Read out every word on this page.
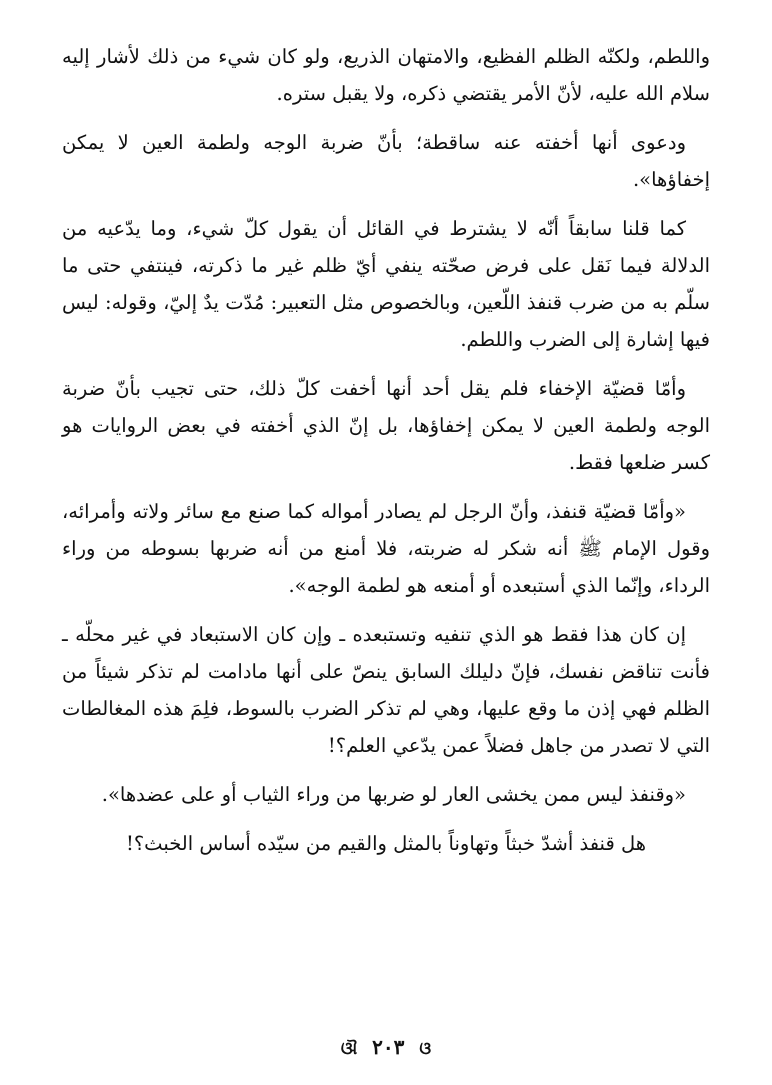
واللطم، ولكنّه الظلم الفظيع، والامتهان الذريع، ولو كان شيء من ذلك لأشار إليه سلام الله عليه، لأنّ الأمر يقتضي ذكره، ولا يقبل ستره.

ودعوى أنها أخفته عنه ساقطة؛ بأنّ ضربة الوجه ولطمة العين لا يمكن إخفاؤها».

كما قلنا سابقاً أنّه لا يشترط في القائل أن يقول كلّ شيء، وما يدّعيه من الدلالة فيما نَقل على فرض صحّته ينفي أيّ ظلم غير ما ذكرته، فينتفي حتى ما سلّم به من ضرب قنفذ اللّعين، وبالخصوص مثل التعبير: مُدّت يدٌ إليّ، وقوله: ليس فيها إشارة إلى الضرب واللطم.

وأمّا قضيّة الإخفاء فلم يقل أحد أنها أخفت كلّ ذلك، حتى تجيب بأنّ ضربة الوجه ولطمة العين لا يمكن إخفاؤها، بل إنّ الذي أخفته في بعض الروايات هو كسر ضلعها فقط.

«وأمّا قضيّة قنفذ، وأنّ الرجل لم يصادر أمواله كما صنع مع سائر ولاته وأمرائه، وقول الإمام ﷺ أنه شكر له ضربته، فلا أمنع من أنه ضربها بسوطه من وراء الرداء، وإنّما الذي أستبعده أو أمنعه هو لطمة الوجه».

إن كان هذا فقط هو الذي تنفيه وتستبعده ـ وإن كان الاستبعاد في غير محلّه ـ فأنت تناقض نفسك، فإنّ دليلك السابق ينصّ على أنها مادامت لم تذكر شيئاً من الظلم فهي إذن ما وقع عليها، وهي لم تذكر الضرب بالسوط، فلِمَ هذه المغالطات التي لا تصدر من جاهل فضلاً عمن يدّعي العلم؟!

«وقنفذ ليس ممن يخشى العار لو ضربها من وراء الثياب أو على عضدها».

هل قنفذ أشدّ خبثاً وتهاوناً بالمثل والقيم من سيّده أساس الخبث؟!

ଔ ٢٠٣ ଓ
